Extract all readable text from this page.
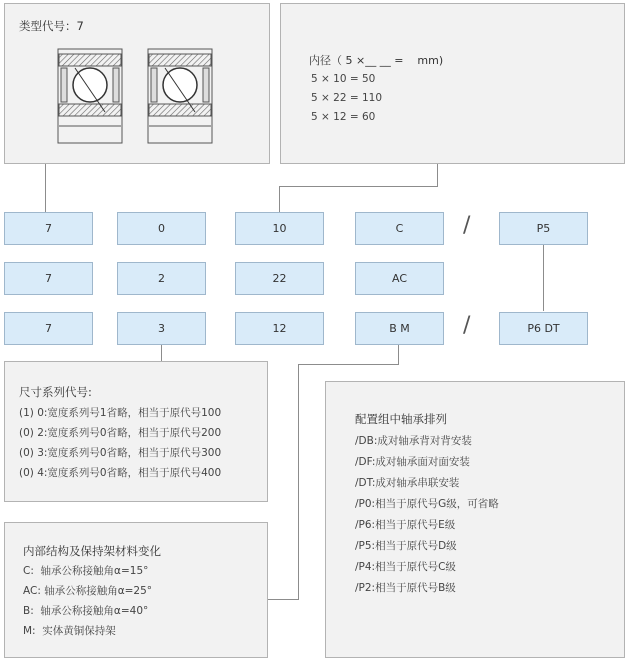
类型代号：7
内径（ 5 ×__ __ =    mm)
5 × 10 = 50
5 × 22 = 110
5 × 12 = 60
7	0	10	C	/	P5
7	2	22	AC
7	3	12	B M	/	P6 DT
尺寸系列代号:
(1) 0:宽度系列号1省略，相当于原代号100
(0) 2:宽度系列号0省略，相当于原代号200
(0) 3:宽度系列号0省略，相当于原代号300
(0) 4:宽度系列号0省略，相当于原代号400
内部结构及保持架材料变化
C:  轴承公称接触角α=15°
AC: 轴承公称接触角α=25°
B:  轴承公称接触角α=40°
M:  实体黄铜保持架
配置组中轴承排列
/DB:成对轴承背对背安装
/DF:成对轴承面对面安装
/DT:成对轴承串联安装
/P0:相当于原代号G级，可省略
/P6:相当于原代号E级
/P5:相当于原代号D级
/P4:相当于原代号C级
/P2:相当于原代号B级
